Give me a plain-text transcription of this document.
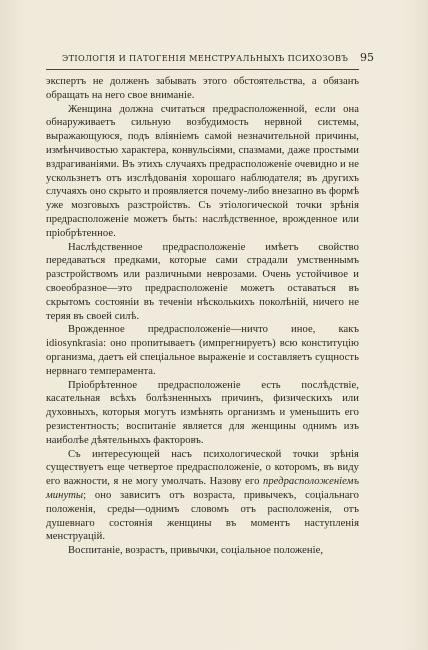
ЭТІОЛОГІЯ И ПАТОГЕНІЯ МЕНСТРУАЛЬНЫХЪ ПСИХОЗОВЪ 95

экспертъ не долженъ забывать этого обстоятельства, а обязанъ обращать на него свое вниманіе.

Женщина должна считаться предрасположенной, если она обнаруживаетъ сильную возбудимость нервной системы, выражающуюся, подъ вліяніемъ самой незначительной причины, измѣнчивостью характера, конвульсіями, спазмами, даже простыми вздрагиваніями. Въ этихъ случаяхъ предрасположеніе очевидно и не ускользнетъ отъ изслѣдованія хорошаго наблюдателя; въ другихъ случаяхъ оно скрыто и проявляется почему-либо внезапно въ формѣ уже мозговыхъ разстройствъ. Съ этіологической точки зрѣнія предрасположеніе можетъ быть: наслѣдственное, врожденное или пріобрѣтенное.

Наслѣдственное предрасположеніе имѣетъ свойство передаваться предками, которые сами страдали умственнымъ разстройствомъ или различными неврозами. Очень устойчивое и своеобразное—это предрасположеніе можетъ оставаться въ скрытомъ состояніи въ теченіи нѣсколькихъ поколѣній, ничего не теряя въ своей силѣ.

Врожденное предрасположеніе—ничто иное, какъ idiosynkrasia: оно пропитываетъ (импрегнируетъ) всю конституцію организма, даетъ ей спеціальное выраженіе и составляетъ сущность нервнаго темперамента.

Пріобрѣтенное предрасположеніе есть послѣдствіе, касательная всѣхъ болѣзненныхъ причинъ, физическихъ или духовныхъ, которыя могутъ измѣнять организмъ и уменьшить его резистентность; воспитаніе является для женщины однимъ изъ наиболѣе дѣятельныхъ факторовъ.

Съ интересующей насъ психологической точки зрѣнія существуетъ еще четвертое предрасположеніе, о которомъ, въ виду его важности, я не могу умолчать. Назову его предрасположеніемъ минуты; оно зависитъ отъ возраста, привычекъ, соціальнаго положенія, среды—однимъ словомъ отъ расположенія, отъ душевнаго состоянія женщины въ моментъ наступленія менструацій.

Воспитаніе, возрастъ, привычки, соціальное положеніе,
